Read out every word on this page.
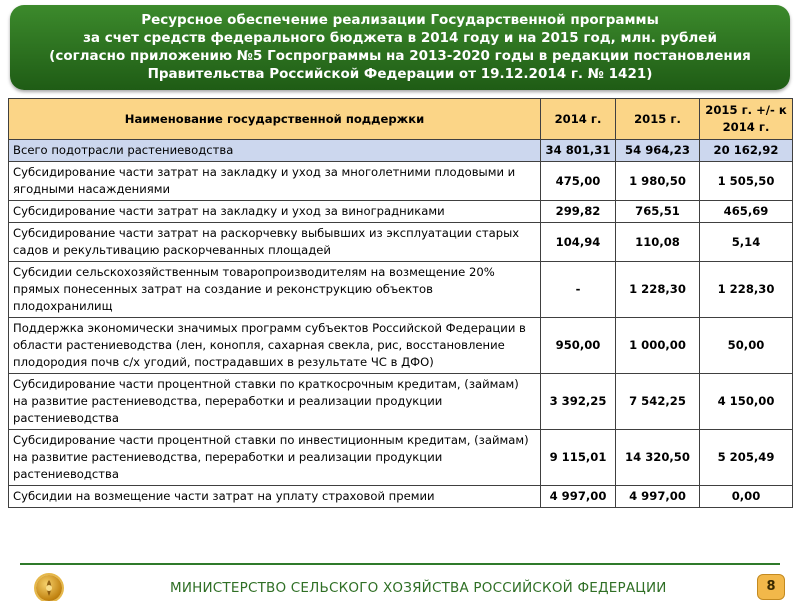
Ресурсное обеспечение реализации Государственной программы
за счет средств федерального бюджета в 2014 году и на 2015 год, млн. рублей
(согласно приложению №5 Госпрограммы на 2013-2020 годы в редакции постановления
Правительства Российской Федерации от 19.12.2014 г. № 1421)
Наименование государственной поддержки	2014 г.	2015 г.	2015 г. +/- к 2014 г.
Всего подотрасли растениеводства	34 801,31	54 964,23	20 162,92
Субсидирование части затрат на закладку и уход за многолетними плодовыми и ягодными насаждениями	475,00	1 980,50	1 505,50
Субсидирование части затрат на закладку и уход за виноградниками	299,82	765,51	465,69
Субсидирование части затрат на раскорчевку выбывших из эксплуатации старых садов и рекультивацию раскорчеванных площадей	104,94	110,08	5,14
Субсидии сельскохозяйственным товаропроизводителям на возмещение 20% прямых понесенных затрат на создание и реконструкцию объектов плодохранилищ	-	1 228,30	1 228,30
Поддержка экономически значимых программ субъектов Российской Федерации в области растениеводства (лен, конопля, сахарная свекла, рис, восстановление плодородия почв с/х угодий, пострадавших в результате ЧС в ДФО)	950,00	1 000,00	50,00
Субсидирование части процентной ставки по краткосрочным кредитам, (займам) на развитие растениеводства, переработки и реализации продукции растениеводства	3 392,25	7 542,25	4 150,00
Субсидирование части процентной ставки по инвестиционным кредитам, (займам) на развитие растениеводства, переработки и реализации продукции растениеводства	9 115,01	14 320,50	5 205,49
Субсидии на возмещение части затрат на уплату страховой премии	4 997,00	4 997,00	0,00
МИНИСТЕРСТВО СЕЛЬСКОГО ХОЗЯЙСТВА РОССИЙСКОЙ ФЕДЕРАЦИИ	8
